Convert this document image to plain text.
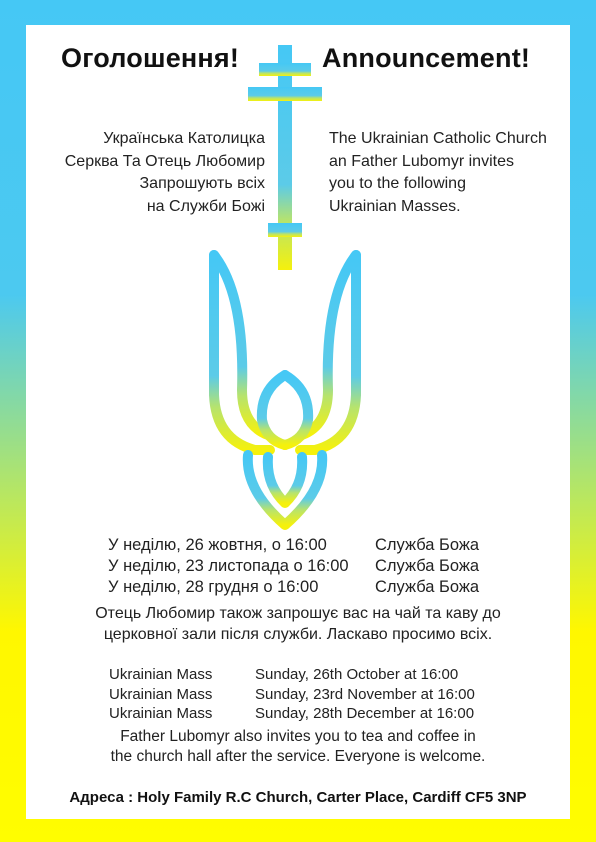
Оголошення!	Announcement!
Українська Католицка
Серква Та Отець Любомир
Запрошують всіх
на Служби Божі
The Ukrainian Catholic Church
an Father Lubomyr invites
you to the following
Ukrainian Masses.
У неділю, 26 жовтня, о 16:00	Служба Божа
У неділю, 23 листопада о 16:00 Служба Божа
У неділю, 28 грудня о 16:00	Служба Божа
Отець Любомир також запрошує вас на чай та каву до
церковної зали після служби. Ласкаво просимо всіх.
Ukrainian Mass	Sunday, 26th October at 16:00
Ukrainian Mass	Sunday, 23rd November at 16:00
Ukrainian Mass	Sunday, 28th December at 16:00
Father Lubomyr also invites you to tea and coffee in
the church hall after the service. Everyone is welcome.
Адреса : Holy Family R.C Church, Carter Place, Cardiff CF5 3NP
